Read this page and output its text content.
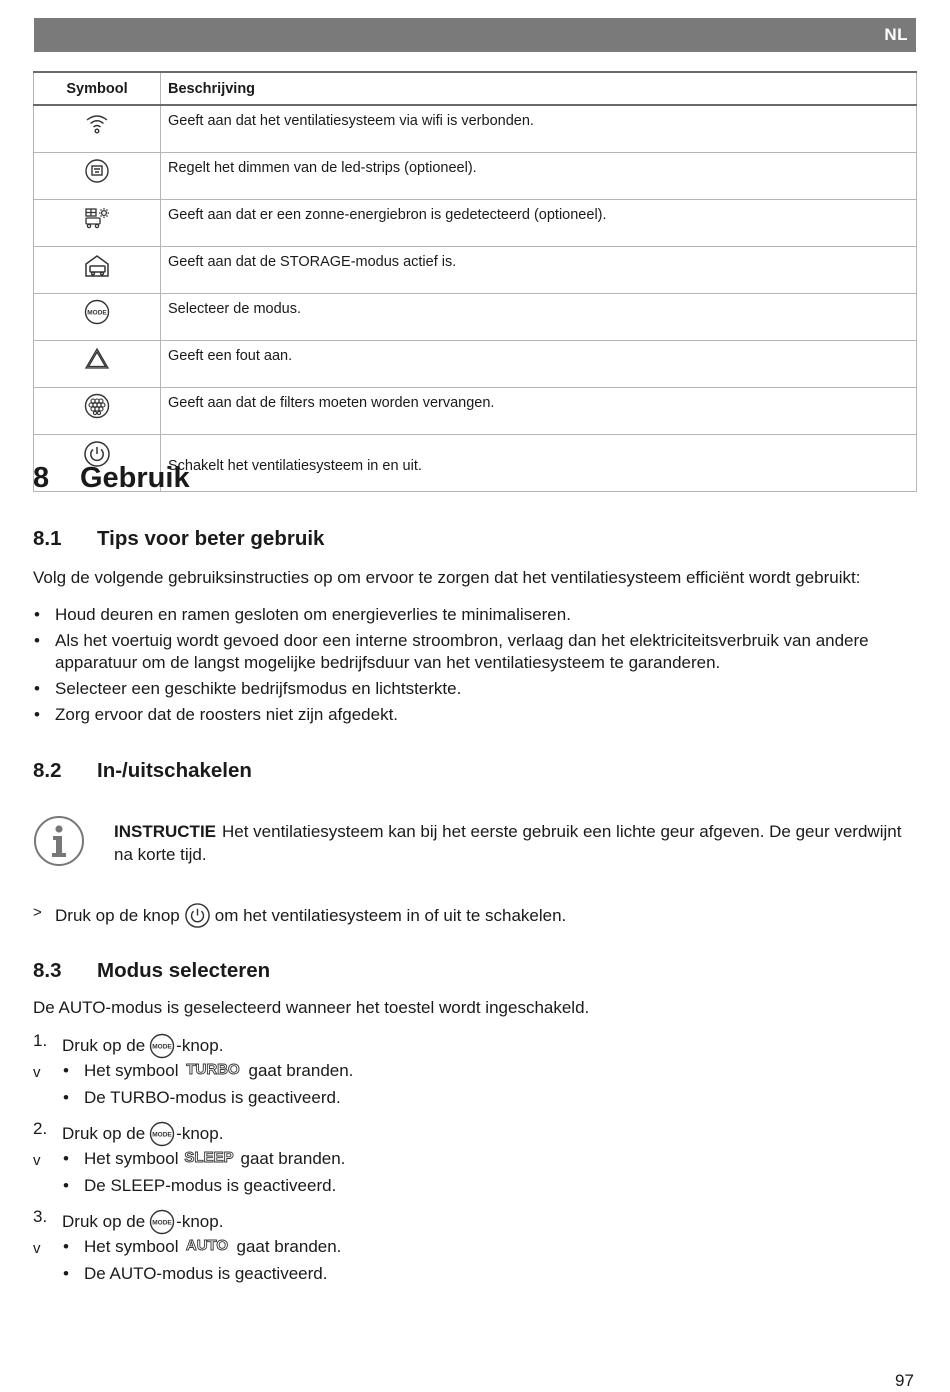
NL
Symbool	Beschrijving
	Geeft aan dat het ventilatiesysteem via wifi is verbonden.
	Regelt het dimmen van de led-strips (optioneel).
	Geeft aan dat er een zonne-energiebron is gedetecteerd (optioneel).
	Geeft aan dat de STORAGE-modus actief is.

MODE	Selecteer de modus.
	Geeft een fout aan.
	Geeft aan dat de filters moeten worden vervangen.
	Schakelt het ventilatiesysteem in en uit.
8 Gebruik
8.1 Tips voor beter gebruik
Volg de volgende gebruiksinstructies op om ervoor te zorgen dat het ventilatiesysteem efficiënt wordt gebruikt:
• Houd deuren en ramen gesloten om energieverlies te minimaliseren.
• Als het voertuig wordt gevoed door een interne stroombron, verlaag dan het elektriciteitsverbruik van andere apparatuur om de langst mogelijke bedrijfsduur van het ventilatiesysteem te garanderen.
• Selecteer een geschikte bedrijfsmodus en lichtsterkte.
• Zorg ervoor dat de roosters niet zijn afgedekt.
8.2 In-/uitschakelen
INSTRUCTIE Het ventilatiesysteem kan bij het eerste gebruik een lichte geur afgeven. De geur verdwijnt na korte tijd.
> Druk op de knop om het ventilatiesysteem in of uit te schakelen.
8.3 Modus selecteren
De AUTO-modus is geselecteerd wanneer het toestel wordt ingeschakeld.
1. Druk op de MODE -knop.
v	• Het symbool TURBO gaat branden.
• De TURBO-modus is geactiveerd.
2. Druk op de MODE -knop.
v	• Het symbool SLEEP gaat branden.
• De SLEEP-modus is geactiveerd.
3. Druk op de MODE -knop.
v	• Het symbool AUTO gaat branden.
• De AUTO-modus is geactiveerd.
97
